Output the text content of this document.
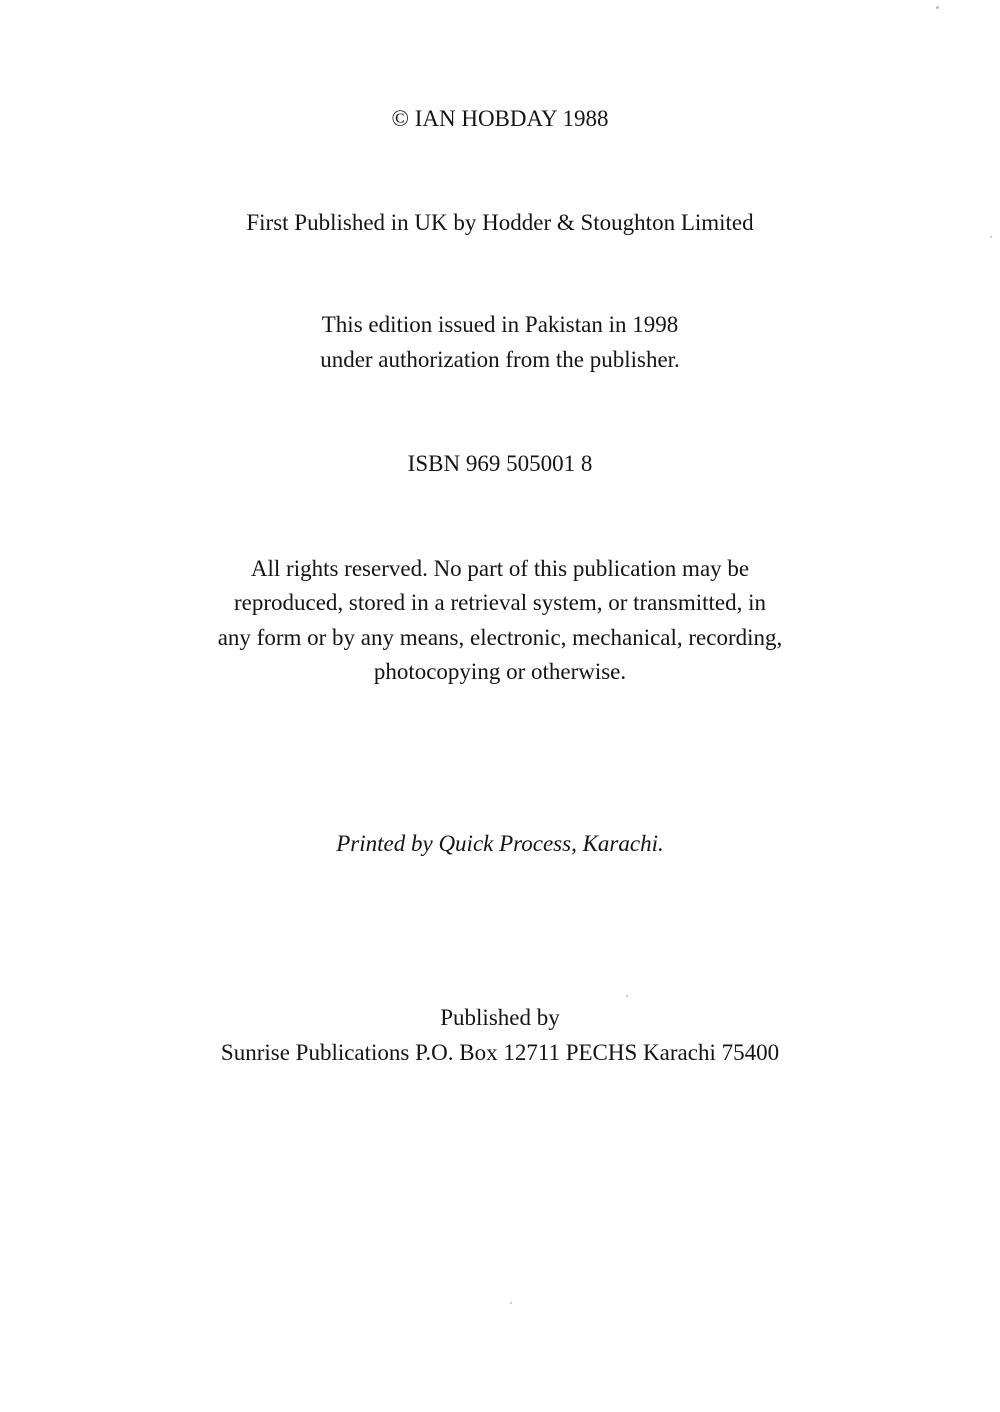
© IAN HOBDAY 1988
First Published in UK by Hodder & Stoughton Limited
This edition issued in Pakistan in 1998
under authorization from the publisher.
ISBN 969 505001 8
All rights reserved. No part of this publication may be
reproduced, stored in a retrieval system, or transmitted, in
any form or by any means, electronic, mechanical, recording,
photocopying or otherwise.
Printed by Quick Process, Karachi.
Published by
Sunrise Publications P.O. Box 12711 PECHS Karachi 75400
